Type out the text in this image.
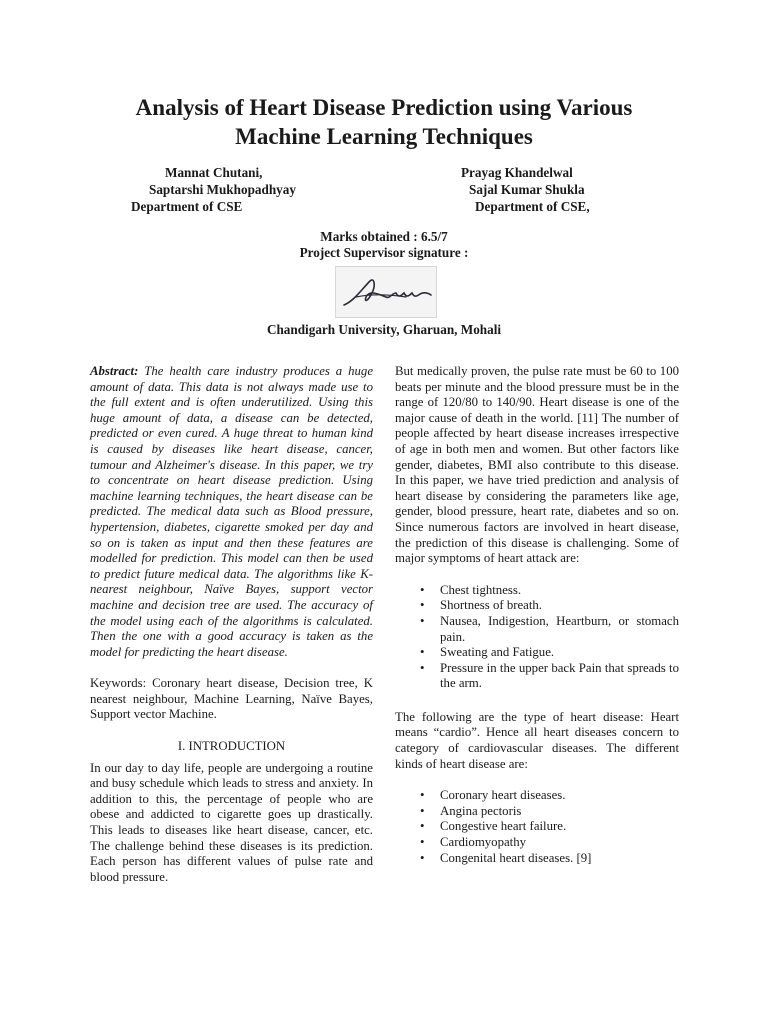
Analysis of Heart Disease Prediction using Various
Machine Learning Techniques
Mannat Chutani,
Saptarshi Mukhopadhyay
Department of CSE
Prayag Khandelwal
Sajal Kumar Shukla
Department of CSE,
Marks obtained : 6.5/7
Project Supervisor signature :
Chandigarh University, Gharuan, Mohali

Abstract: The health care industry produces a huge amount of data. This data is not always made use to the full extent and is often underutilized. Using this huge amount of data, a disease can be detected, predicted or even cured. A huge threat to human kind is caused by diseases like heart disease, cancer, tumour and Alzheimer's disease. In this paper, we try to concentrate on heart disease prediction. Using machine learning techniques, the heart disease can be predicted. The medical data such as Blood pressure, hypertension, diabetes, cigarette smoked per day and so on is taken as input and then these features are modelled for prediction. This model can then be used to predict future medical data. The algorithms like K- nearest neighbour, Naïve Bayes, support vector machine and decision tree are used. The accuracy of the model using each of the algorithms is calculated. Then the one with a good accuracy is taken as the model for predicting the heart disease.

Keywords: Coronary heart disease, Decision tree, K nearest neighbour, Machine Learning, Naïve Bayes, Support vector Machine.

I. INTRODUCTION

In our day to day life, people are undergoing a routine and busy schedule which leads to stress and anxiety. In addition to this, the percentage of people who are obese and addicted to cigarette goes up drastically. This leads to diseases like heart disease, cancer, etc. The challenge behind these diseases is its prediction. Each person has different values of pulse rate and blood pressure.

But medically proven, the pulse rate must be 60 to 100 beats per minute and the blood pressure must be in the range of 120/80 to 140/90. Heart disease is one of the major cause of death in the world. [11] The number of people affected by heart disease increases irrespective of age in both men and women. But other factors like gender, diabetes, BMI also contribute to this disease. In this paper, we have tried prediction and analysis of heart disease by considering the parameters like age, gender, blood pressure, heart rate, diabetes and so on. Since numerous factors are involved in heart disease, the prediction of this disease is challenging. Some of major symptoms of heart attack are:

• Chest tightness.
• Shortness of breath.
• Nausea, Indigestion, Heartburn, or stomach pain.
• Sweating and Fatigue.
• Pressure in the upper back Pain that spreads to the arm.

The following are the type of heart disease: Heart means “cardio”. Hence all heart diseases concern to category of cardiovascular diseases. The different kinds of heart disease are:

• Coronary heart diseases.
• Angina pectoris
• Congestive heart failure.
• Cardiomyopathy
• Congenital heart diseases. [9]
